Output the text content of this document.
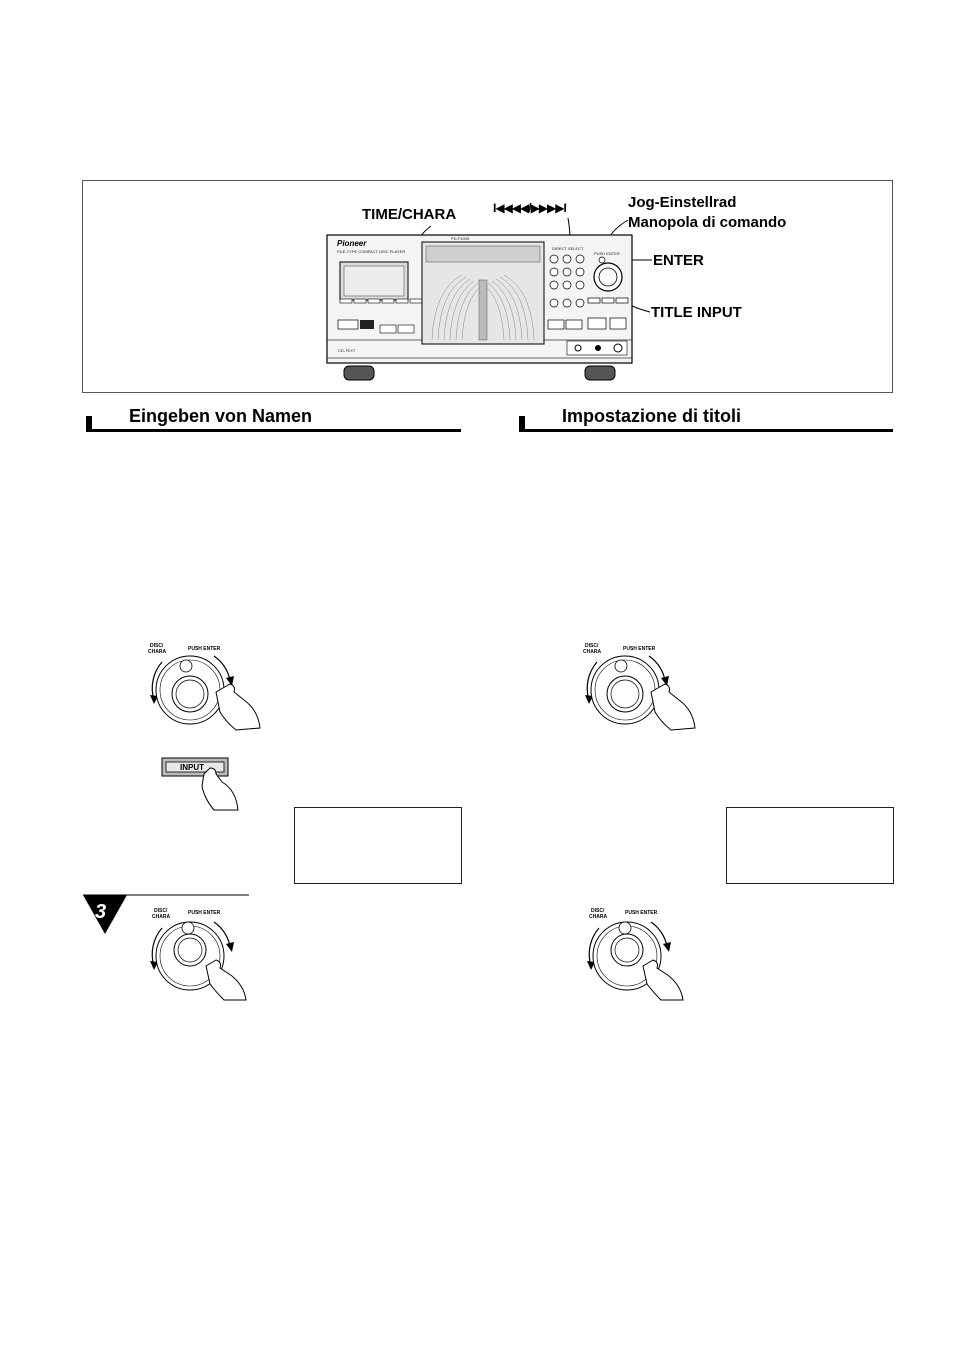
TIME/CHARA	I◀◀◀◀/▶▶▶▶I	Jog-Einstellrad
Manopola di comando
ENTER
TITLE INPUT
Pioneer
FILE-TYPE COMPACT DISC PLAYER
CD-TEXT
PD-F1009
DIRECT SELECT
PUSH ENTER
Eingeben von Namen	Impostazione di titoli
DISC/
CHARA	PUSH ENTER	DISC/
CHARA	PUSH ENTER
INPUT
3	DISC/
CHARA
PUSH ENTER	DISC/
CHARA
PUSH ENTER
